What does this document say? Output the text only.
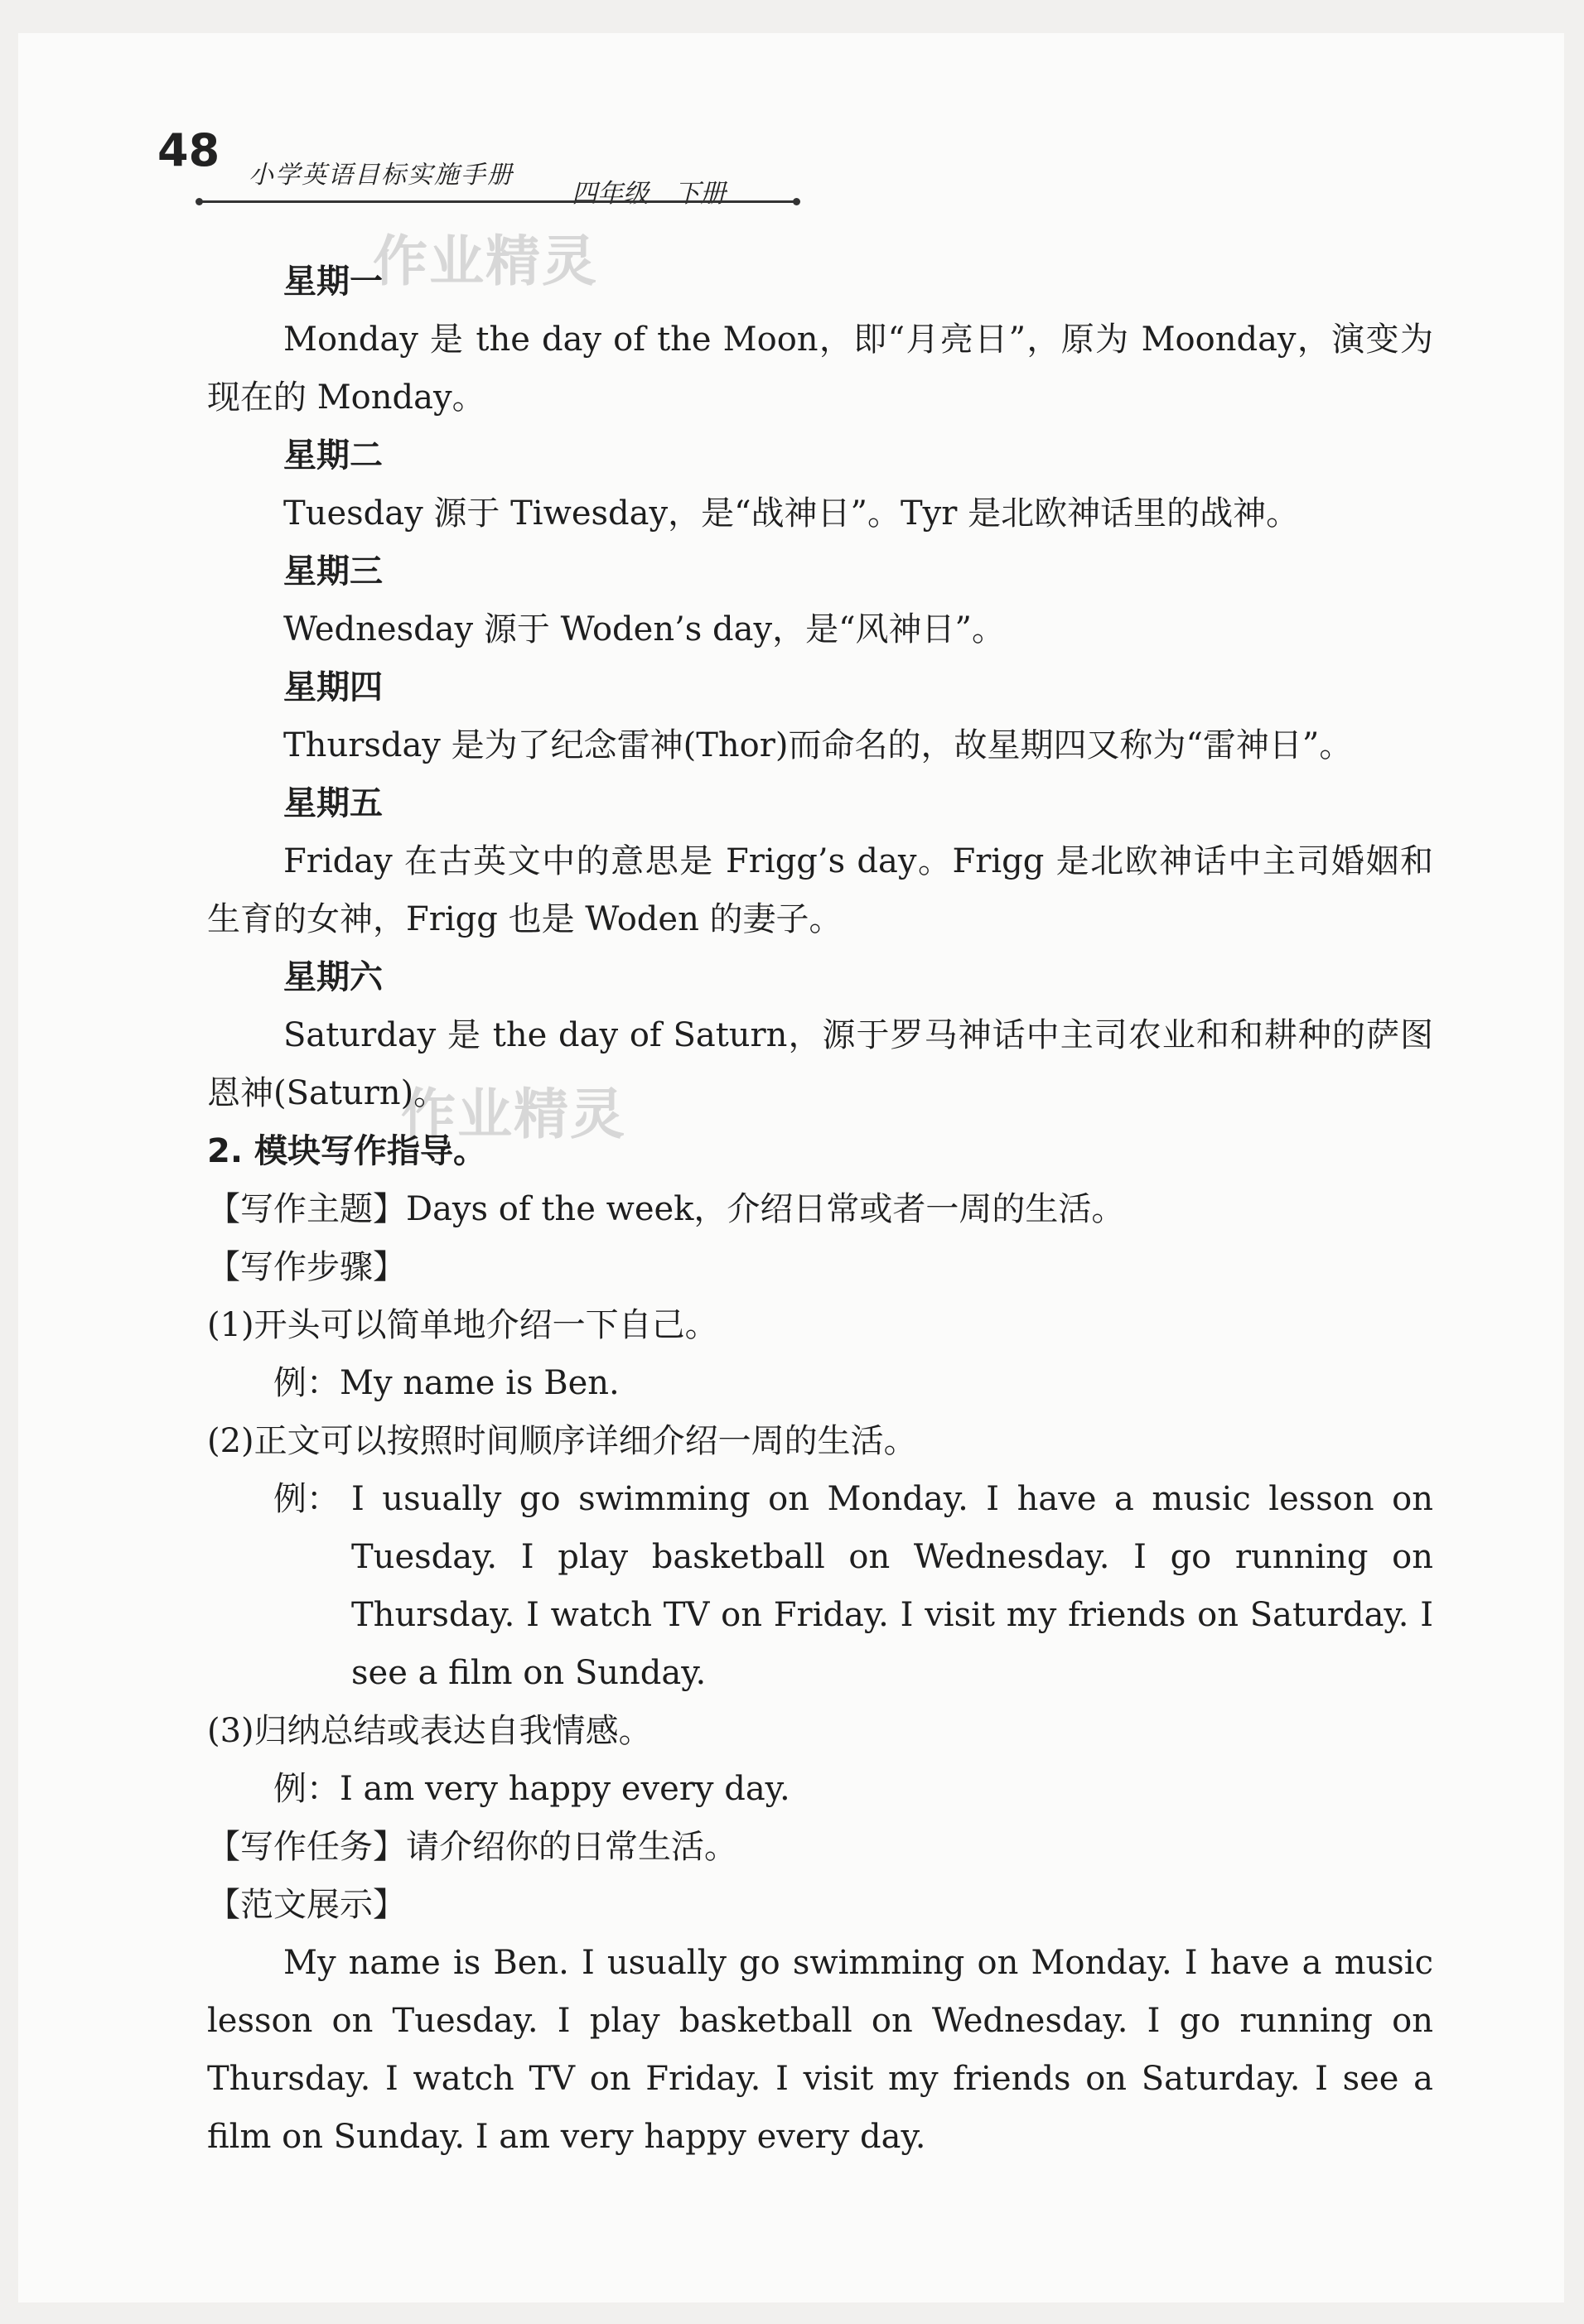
48 小学英语目标实施手册
四年级　下册
作业精灵
作业精灵
星期一
Monday 是 the day of the Moon，即“月亮日”，原为 Moonday，演变为现在的 Monday。
星期二
Tuesday 源于 Tiwesday，是“战神日”。Tyr 是北欧神话里的战神。
星期三
Wednesday 源于 Woden’s day，是“风神日”。
星期四
Thursday 是为了纪念雷神(Thor)而命名的，故星期四又称为“雷神日”。
星期五
Friday 在古英文中的意思是 Frigg’s day。Frigg 是北欧神话中主司婚姻和生育的女神，Frigg 也是 Woden 的妻子。
星期六
Saturday 是 the day of Saturn，源于罗马神话中主司农业和和耕种的萨图恩神(Saturn)。
2. 模块写作指导。
【写作主题】Days of the week，介绍日常或者一周的生活。
【写作步骤】
(1)开头可以简单地介绍一下自己。
例：My name is Ben.
(2)正文可以按照时间顺序详细介绍一周的生活。
例： I usually go swimming on Monday. I have a music lesson on Tuesday. I play basketball on Wednesday. I go running on Thursday. I watch TV on Friday. I visit my friends on Saturday. I see a film on Sunday.
(3)归纳总结或表达自我情感。
例：I am very happy every day.
【写作任务】请介绍你的日常生活。
【范文展示】
My name is Ben. I usually go swimming on Monday. I have a music lesson on Tuesday. I play basketball on Wednesday. I go running on Thursday. I watch TV on Friday. I visit my friends on Saturday. I see a film on Sunday. I am very happy every day.
